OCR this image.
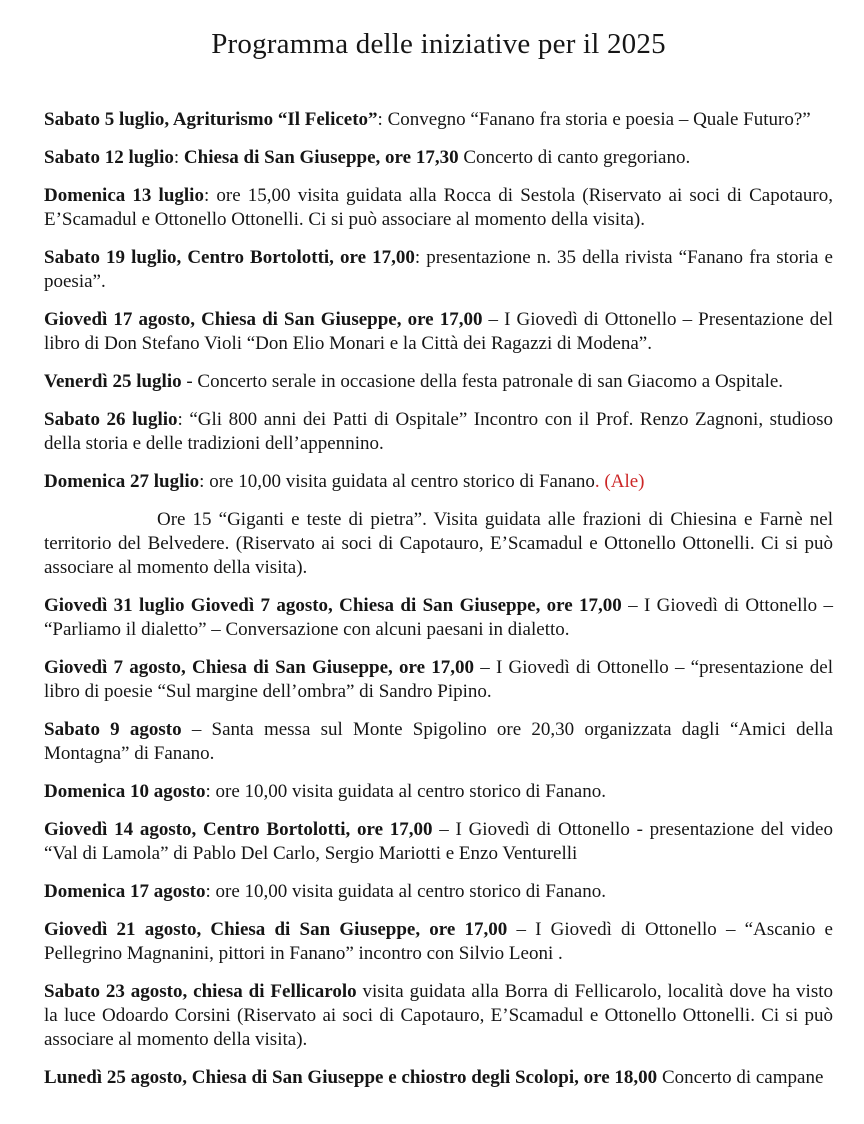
Programma delle iniziative per il 2025

Sabato 5 luglio, Agriturismo “Il Feliceto”: Convegno “Fanano fra storia e poesia – Quale Futuro?”

Sabato 12 luglio: Chiesa di San Giuseppe, ore 17,30 Concerto di canto gregoriano.

Domenica 13 luglio: ore 15,00 visita guidata alla Rocca di Sestola (Riservato ai soci di Capotauro, E’Scamadul e Ottonello Ottonelli. Ci si può associare al momento della visita).

Sabato 19 luglio, Centro Bortolotti, ore 17,00: presentazione n. 35 della rivista “Fanano fra storia e poesia”.

Giovedì 17 agosto, Chiesa di San Giuseppe, ore 17,00 – I Giovedì di Ottonello – Presentazione del libro di Don Stefano Violi “Don Elio Monari e la Città dei Ragazzi di Modena”.

Venerdì 25 luglio - Concerto serale in occasione della festa patronale di san Giacomo a Ospitale.

Sabato 26 luglio: “Gli 800 anni dei Patti di Ospitale” Incontro con il Prof. Renzo Zagnoni, studioso della storia e delle tradizioni dell’appennino.

Domenica 27 luglio: ore 10,00 visita guidata al centro storico di Fanano. (Ale)

Ore 15 “Giganti e teste di pietra”. Visita guidata alle frazioni di Chiesina e Farnè nel territorio del Belvedere. (Riservato ai soci di Capotauro, E’Scamadul e Ottonello Ottonelli. Ci si può associare al momento della visita).

Giovedì 31 luglio Giovedì 7 agosto, Chiesa di San Giuseppe, ore 17,00 – I Giovedì di Ottonello – “Parliamo il dialetto” – Conversazione con alcuni paesani in dialetto.

Giovedì 7 agosto, Chiesa di San Giuseppe, ore 17,00 – I Giovedì di Ottonello – “presentazione del libro di poesie “Sul margine dell’ombra” di Sandro Pipino.

Sabato 9 agosto – Santa messa sul Monte Spigolino ore 20,30 organizzata dagli “Amici della Montagna” di Fanano.

Domenica 10 agosto: ore 10,00 visita guidata al centro storico di Fanano.

Giovedì 14 agosto, Centro Bortolotti, ore 17,00 – I Giovedì di Ottonello - presentazione del video “Val di Lamola” di Pablo Del Carlo, Sergio Mariotti e Enzo Venturelli

Domenica 17 agosto: ore 10,00 visita guidata al centro storico di Fanano.

Giovedì 21 agosto, Chiesa di San Giuseppe, ore 17,00 – I Giovedì di Ottonello – “Ascanio e Pellegrino Magnanini, pittori in Fanano” incontro con Silvio Leoni .

Sabato 23 agosto, chiesa di Fellicarolo visita guidata alla Borra di Fellicarolo, località dove ha visto la luce Odoardo Corsini (Riservato ai soci di Capotauro, E’Scamadul e Ottonello Ottonelli. Ci si può associare al momento della visita).

Lunedì 25 agosto, Chiesa di San Giuseppe e chiostro degli Scolopi, ore 18,00 Concerto di campane
